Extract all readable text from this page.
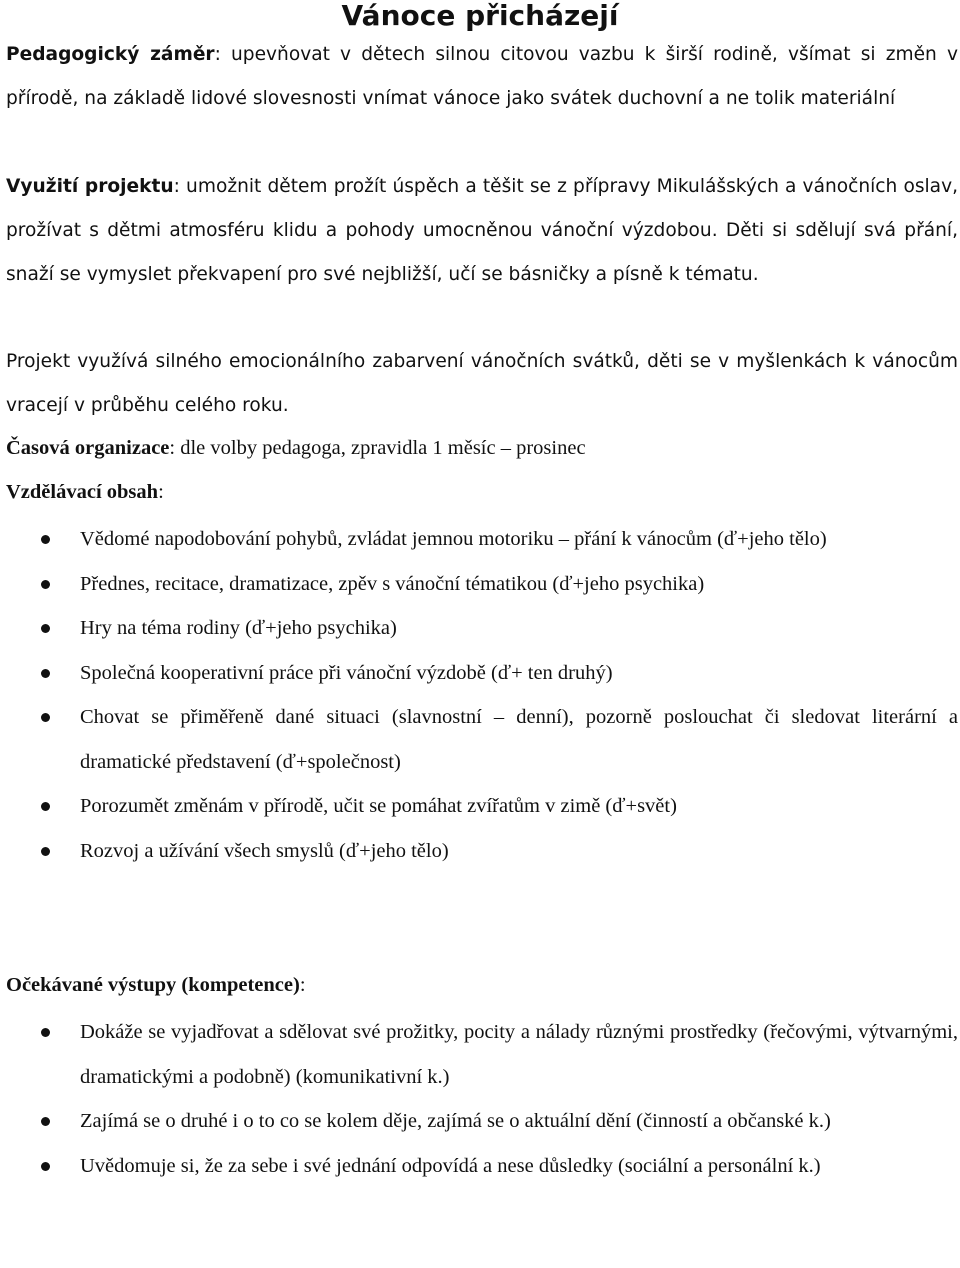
Vánoce přicházejí

Pedagogický záměr: upevňovat v dětech silnou citovou vazbu k širší rodině, všímat si změn v přírodě, na základě lidové slovesnosti vnímat vánoce jako svátek duchovní a ne tolik materiální

Využití projektu: umožnit dětem prožít úspěch a těšit se z přípravy Mikulášských a vánočních oslav, prožívat s dětmi atmosféru klidu a pohody umocněnou vánoční výzdobou. Děti si sdělují svá přání, snaží se vymyslet překvapení pro své nejbližší, učí se básničky a písně k tématu.

Projekt využívá silného emocionálního zabarvení vánočních svátků, děti se v myšlenkách k vánocům vracejí v průběhu celého roku.

Časová organizace: dle volby pedagoga, zpravidla 1 měsíc – prosinec

Vzdělávací obsah:

Vědomé napodobování pohybů, zvládat jemnou motoriku – přání k vánocům (ď+jeho tělo)
Přednes, recitace, dramatizace, zpěv s vánoční tématikou (ď+jeho psychika)
Hry na téma rodiny (ď+jeho psychika)
Společná kooperativní práce při vánoční výzdobě (ď+ ten druhý)
Chovat se přiměřeně dané situaci (slavnostní – denní), pozorně poslouchat či sledovat literární a dramatické představení (ď+společnost)
Porozumět změnám v přírodě, učit se pomáhat zvířatům v zimě (ď+svět)
Rozvoj a užívání všech smyslů (ď+jeho tělo)

Očekávané výstupy (kompetence):

Dokáže se vyjadřovat a sdělovat své prožitky, pocity a nálady různými prostředky (řečovými, výtvarnými, dramatickými a podobně) (komunikativní k.)
Zajímá se o druhé i o to co se kolem děje, zajímá se o aktuální dění (činností a občanské k.)
Uvědomuje si, že za sebe i své jednání odpovídá a nese důsledky (sociální a personální k.)
